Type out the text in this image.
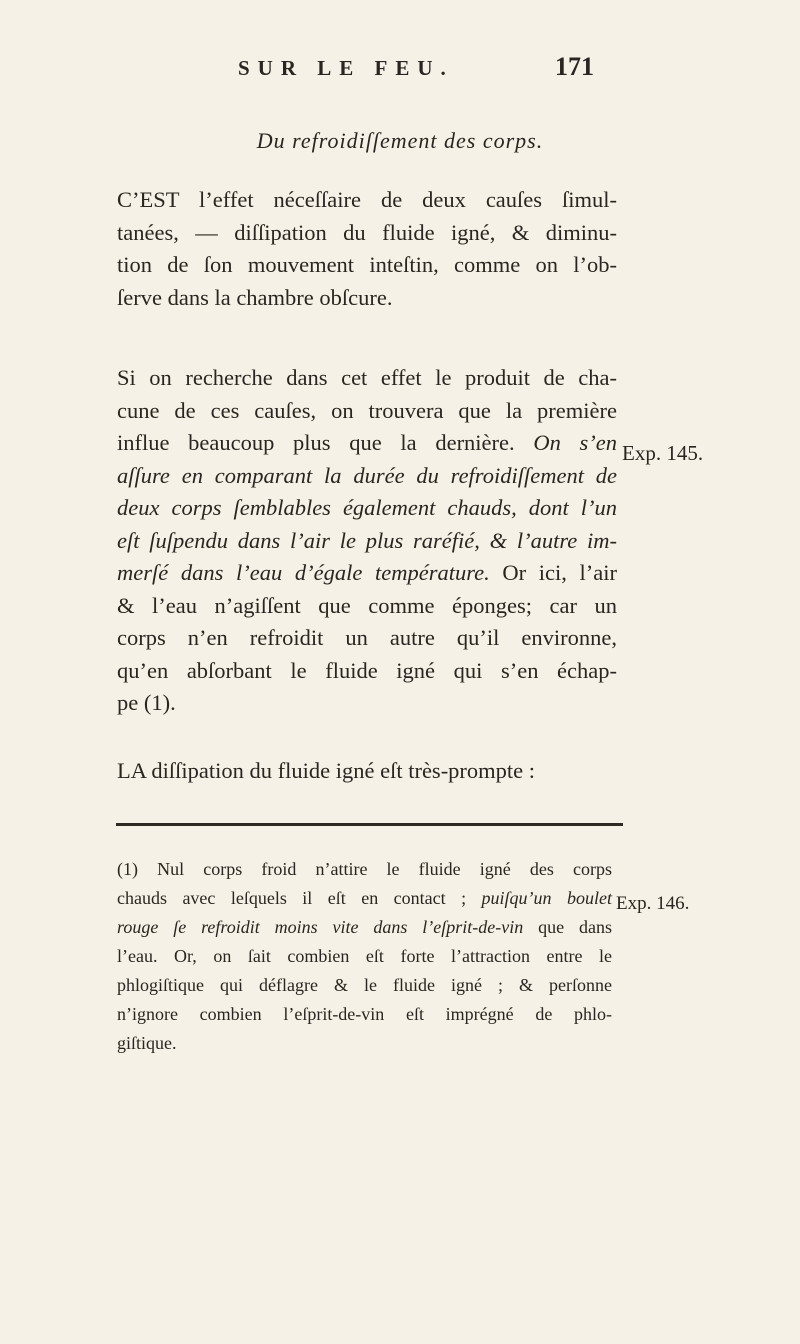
SUR LE FEU.	171
Du refroidiſſement des corps.
C’EST l’effet néceſſaire de deux cauſes ſimul-
tanées, — diſſipation du fluide igné, & diminu-
tion de ſon mouvement inteſtin, comme on l’ob-
ſerve dans la chambre obſcure.
Si on recherche dans cet effet le produit de cha-
cune de ces cauſes, on trouvera que la première
influe beaucoup plus que la dernière. On s’en
aſſure en comparant la durée du refroidiſſement de
deux corps ſemblables également chauds, dont l’un
eſt ſuſpendu dans l’air le plus raréfié, & l’autre im-
merſé dans l’eau d’égale température. Or ici, l’air
& l’eau n’agiſſent que comme éponges; car un
corps n’en refroidit un autre qu’il environne,
qu’en abſorbant le fluide igné qui s’en échap-
pe (1).
Exp. 145.
LA diſſipation du fluide igné eſt très-prompte :
(1) Nul corps froid n’attire le fluide igné des corps
chauds avec leſquels il eſt en contact ; puiſqu’un boulet
rouge ſe refroidit moins vite dans l’eſprit-de-vin que dans
l’eau. Or, on ſait combien eſt forte l’attraction entre le
phlogiſtique qui déflagre & le fluide igné ; & perſonne
n’ignore combien l’eſprit-de-vin eſt imprégné de phlo-
giſtique.
Exp. 146.
